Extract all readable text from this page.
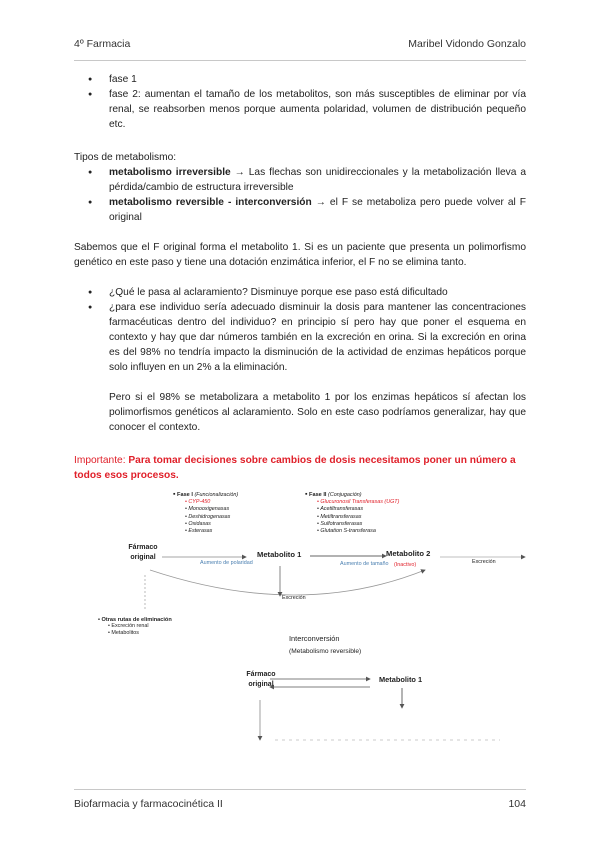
4º Farmacia	Maribel Vidondo Gonzalo
● fase 1
● fase 2: aumentan el tamaño de los metabolitos, son más susceptibles de eliminar por vía renal, se reabsorben menos porque aumenta polaridad, volumen de distribución pequeño etc.
Tipos de metabolismo:
● metabolismo irreversible → Las flechas son unidireccionales y la metabolización lleva a pérdida/cambio de estructura irreversible
● metabolismo reversible - interconversión → el F se metaboliza pero puede volver al F original
Sabemos que el F original forma el metabolito 1. Si es un paciente que presenta un polimorfismo genético en este paso y tiene una dotación enzimática inferior, el F no se elimina tanto.
● ¿Qué le pasa al aclaramiento? Disminuye porque ese paso está dificultado
● ¿para ese individuo sería adecuado disminuir la dosis para mantener las concentraciones farmacéuticas dentro del individuo? en principio sí pero hay que poner el esquema en contexto y hay que dar números también en la excreción en orina. Si la excreción en orina es del 98% no tendría impacto la disminución de la actividad de enzimas hepáticos porque solo influyen en un 2% a la eliminación.
Pero si el 98% se metabolizara a metabolito 1 por los enzimas hepáticos sí afectan los polimorfismos genéticos al aclaramiento. Solo en este caso podríamos generalizar, hay que conocer el contexto.
Importante: Para tomar decisiones sobre cambios de dosis necesitamos poner un número a todos esos procesos.
▪ Fase I (Funcionalización)
• CYP-450
• Monooxigenasas
• Deshidrogenasas
• Oxidasas
• Esterasas
▪ Fase II (Conjugación)
• Glucuronosil Transferasas (UGT)
• Acetiltransferasas
• Metiltransferasas
• Sulfotransferasas
• Glutation S-transferasa
Fármaco original	Metabolito 1	Metabolito 2
Aumento de polaridad	Aumento de tamaño (Inactivo)	Excreción
Excreción
• Otras rutas de eliminación
• Excreción renal
• Metabolitos
Interconversión
(Metabolismo reversible)
Fármaco original
Metabolito 1
Biofarmacia y farmacocinética II	104
